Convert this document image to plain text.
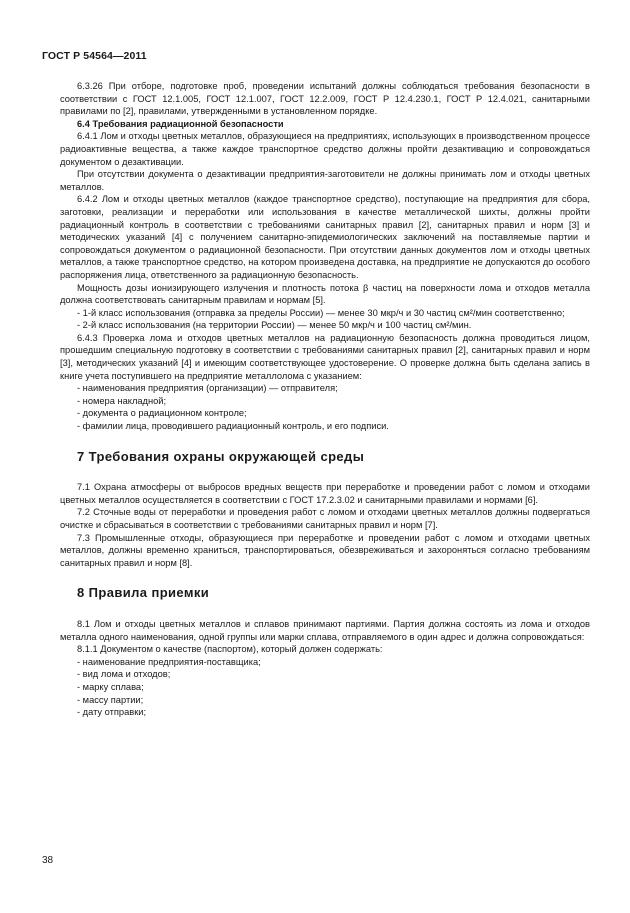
ГОСТ Р 54564—2011

6.3.26 При отборе, подготовке проб, проведении испытаний должны соблюдаться требования безопасности в соответствии с ГОСТ 12.1.005, ГОСТ 12.1.007, ГОСТ 12.2.009, ГОСТ Р 12.4.230.1, ГОСТ Р 12.4.021, санитарными правилами по [2], правилами, утвержденными в установленном порядке.

6.4 Требования радиационной безопасности

6.4.1 Лом и отходы цветных металлов, образующиеся на предприятиях, использующих в производственном процессе радиоактивные вещества, а также каждое транспортное средство должны пройти дезактивацию и сопровождаться документом о дезактивации.

При отсутствии документа о дезактивации предприятия-заготовители не должны принимать лом и отходы цветных металлов.

6.4.2 Лом и отходы цветных металлов (каждое транспортное средство), поступающие на предприятия для сбора, заготовки, реализации и переработки или использования в качестве металлической шихты, должны пройти радиационный контроль в соответствии с требованиями санитарных правил [2], санитарных правил и норм [3] и методических указаний [4] с получением санитарно-эпидемиологических заключений на поставляемые партии и сопровождаться документом о радиационной безопасности. При отсутствии данных документов лом и отходы цветных металлов, а также транспортное средство, на котором произведена доставка, на предприятие не допускаются до особого распоряжения лица, ответственного за радиационную безопасность.

Мощность дозы ионизирующего излучения и плотность потока β частиц на поверхности лома и отходов металла должна соответствовать санитарным правилам и нормам [5].

- 1-й класс использования (отправка за пределы России) — менее 30 мкр/ч и 30 частиц см²/мин соответственно;

- 2-й класс использования (на территории России) — менее 50 мкр/ч и 100 частиц см²/мин.

6.4.3 Проверка лома и отходов цветных металлов на радиационную безопасность должна проводиться лицом, прошедшим специальную подготовку в соответствии с требованиями санитарных правил [2], санитарных правил и норм [3], методических указаний [4] и имеющим соответствующее удостоверение. О проверке должна быть сделана запись в книге учета поступившего на предприятие металлолома с указанием:

- наименования предприятия (организации) — отправителя;

- номера накладной;

- документа о радиационном контроле;

- фамилии лица, проводившего радиационный контроль, и его подписи.

7 Требования охраны окружающей среды

7.1 Охрана атмосферы от выбросов вредных веществ при переработке и проведении работ с ломом и отходами цветных металлов осуществляется в соответствии с ГОСТ 17.2.3.02 и санитарными правилами и нормами [6].

7.2 Сточные воды от переработки и проведения работ с ломом и отходами цветных металлов должны подвергаться очистке и сбрасываться в соответствии с требованиями санитарных правил и норм [7].

7.3 Промышленные отходы, образующиеся при переработке и проведении работ с ломом и отходами цветных металлов, должны временно храниться, транспортироваться, обезвреживаться и захороняться согласно требованиям санитарных правил и норм [8].

8 Правила приемки

8.1 Лом и отходы цветных металлов и сплавов принимают партиями. Партия должна состоять из лома и отходов металла одного наименования, одной группы или марки сплава, отправляемого в один адрес и должна сопровождаться:

8.1.1 Документом о качестве (паспортом), который должен содержать:

- наименование предприятия-поставщика;

- вид лома и отходов;

- марку сплава;

- массу партии;

- дату отправки;

38
